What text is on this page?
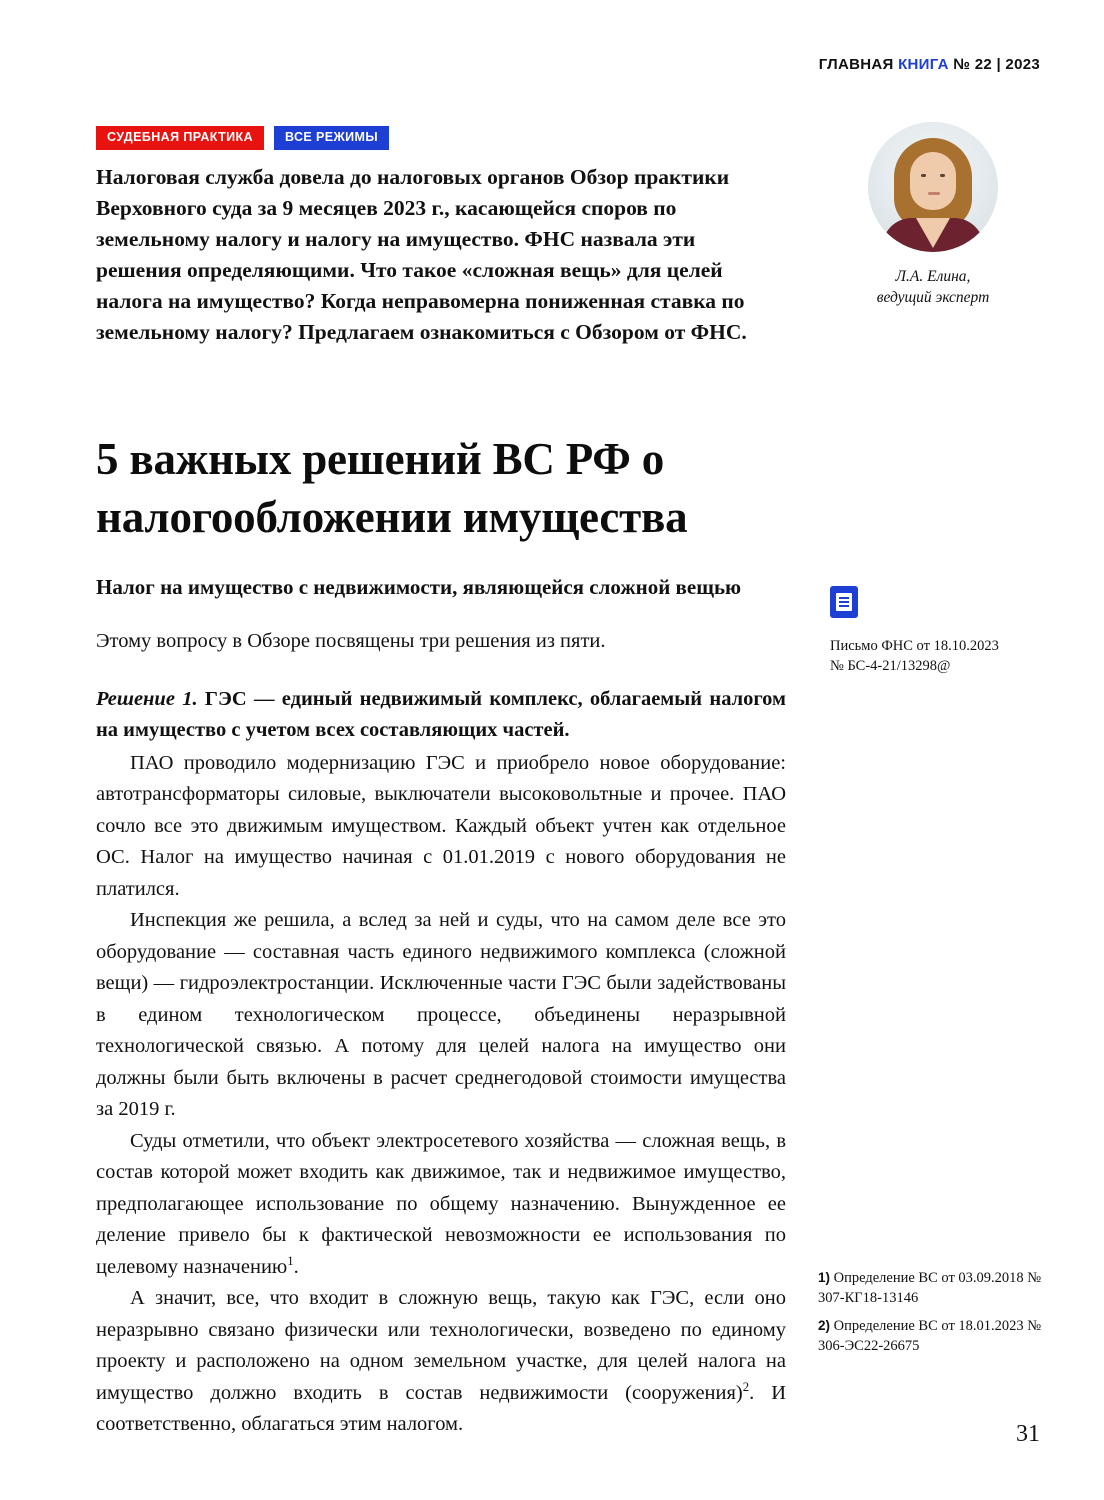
ГЛАВНАЯ КНИГА № 22 | 2023
СУДЕБНАЯ ПРАКТИКА	ВСЕ РЕЖИМЫ
Налоговая служба довела до налоговых органов Обзор практики Верховного суда за 9 месяцев 2023 г., касающейся споров по земельному налогу и налогу на имущество. ФНС назвала эти решения определяющими. Что такое «сложная вещь» для целей налога на имущество? Когда неправомерна пониженная ставка по земельному налогу? Предлагаем ознакомиться с Обзором от ФНС.
Л.А. Елина,
ведущий эксперт
5 важных решений ВС РФ о налогообложении имущества
Налог на имущество с недвижимости, являющейся сложной вещью

Этому вопросу в Обзоре посвящены три решения из пяти.

Решение 1. ГЭС — единый недвижимый комплекс, облагаемый налогом на имущество с учетом всех составляющих частей.

ПАО проводило модернизацию ГЭС и приобрело новое оборудование: автотрансформаторы силовые, выключатели высоковольтные и прочее. ПАО сочло все это движимым имуществом. Каждый объект учтен как отдельное ОС. Налог на имущество начиная с 01.01.2019 с нового оборудования не платился.

Инспекция же решила, а вслед за ней и суды, что на самом деле все это оборудование — составная часть единого недвижимого комплекса (сложной вещи) — гидроэлектростанции. Исключенные части ГЭС были задействованы в едином технологическом процессе, объединены неразрывной технологической связью. А потому для целей налога на имущество они должны были быть включены в расчет среднегодовой стоимости имущества за 2019 г.

Суды отметили, что объект электросетевого хозяйства — сложная вещь, в состав которой может входить как движимое, так и недвижимое имущество, предполагающее использование по общему назначению. Вынужденное ее деление привело бы к фактической невозможности ее использования по целевому назначению$^1$.

А значит, все, что входит в сложную вещь, такую как ГЭС, если оно неразрывно связано физически или технологически, возведено по единому проекту и расположено на одном земельном участке, для целей налога на имущество должно входить в состав недвижимости (сооружения)$^2$. И соответственно, облагаться этим налогом.

Письмо ФНС от 18.10.2023
№ БС-4-21/13298@
1) Определение ВС от 03.09.2018 № 307-КГ18-13146
2) Определение ВС от 18.01.2023 № 306-ЭС22-26675
31
